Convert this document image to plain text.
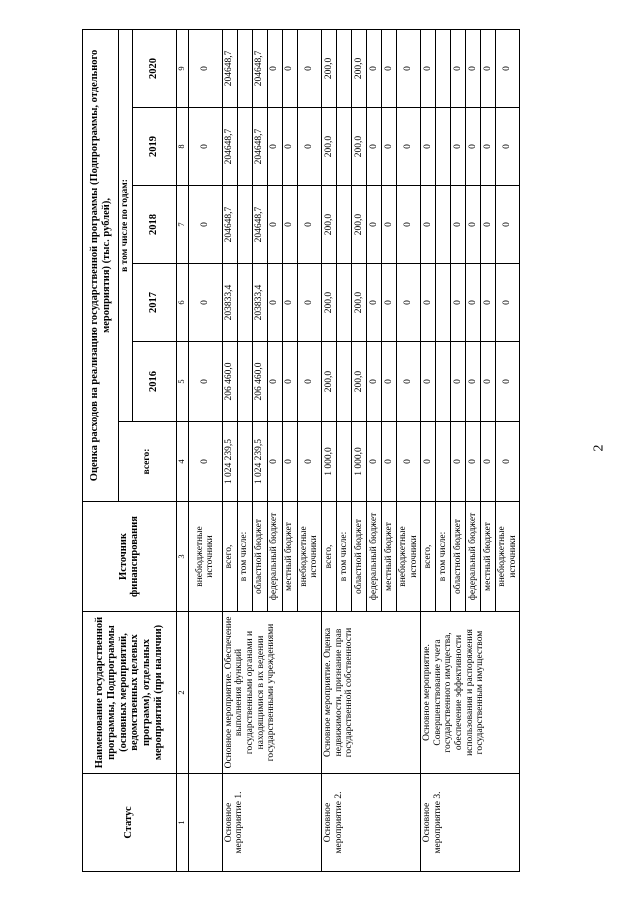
2
Статус	Наименование государственной программы, Подпрограммы (основных мероприятий, ведомственных целевых программ), отдельных мероприятий (при наличии)	Источник финансирования	Оценка расходов на реализацию государственной программы (Подпрограммы, отдельного мероприятия) (тыс. рублей),					
			всего:	в том числе по годам:				
				2016	2017	2018	2019	2020
1	2	3	4	5	6	7	8	9
		внебюджетные источники	0	0	0	0	0	0
Основное мероприятие 1.	Основное мероприятие. Обеспечение выполнения функций государственными органами и находящимися в их ведении государственными учреждениями	всего,	1 024 239,5	206 460,0	203833,4	204648,7	204648,7	204648,7
		в том числе:						
		областной бюджет	1 024 239,5	206 460,0	203833,4	204648,7	204648,7	204648,7
		федеральный бюджет	0	0	0	0	0	0
		местный бюджет	0	0	0	0	0	0
		внебюджетные источники	0	0	0	0	0	0
Основное мероприятие 2.	Основное мероприятие. Оценка недвижимости, признание прав государственной собственности	всего,	1 000,0	200,0	200,0	200,0	200,0	200,0
		в том числе:						
		областной бюджет	1 000,0	200,0	200,0	200,0	200,0	200,0
		федеральный бюджет	0	0	0	0	0	0
		местный бюджет	0	0	0	0	0	0
		внебюджетные источники	0	0	0	0	0	0
Основное мероприятие 3.	Основное мероприятие. Совершенствование учета государственного имущества, обеспечение эффективности использования и распоряжения государственным имуществом	всего,	0	0	0	0	0	0
		в том числе:						
		областной бюджет	0	0	0	0	0	0
		федеральный бюджет	0	0	0	0	0	0
		местный бюджет	0	0	0	0	0	0
		внебюджетные источники	0	0	0	0	0	0
